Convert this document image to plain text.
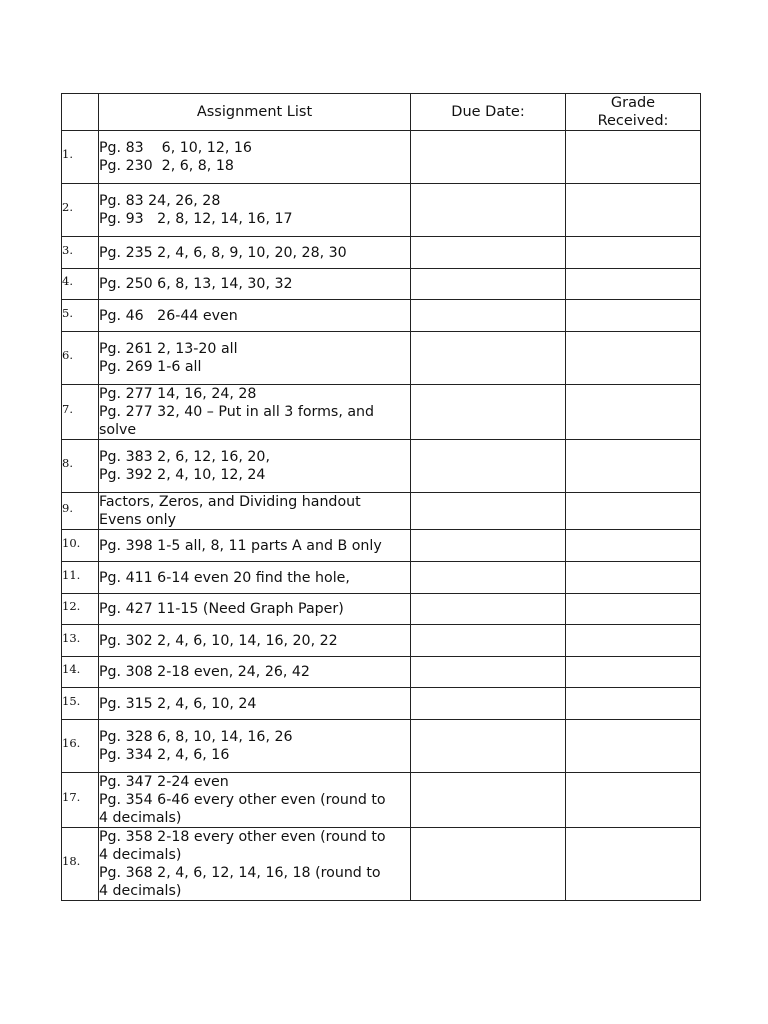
	Assignment List	Due Date:	Grade
Received:

1.	Pg. 83    6, 10, 12, 16
Pg. 230  2, 6, 8, 18		

2.	Pg. 83 24, 26, 28
Pg. 93   2, 8, 12, 14, 16, 17		

3.	Pg. 235 2, 4, 6, 8, 9, 10, 20, 28, 30		

4.	Pg. 250 6, 8, 13, 14, 30, 32		

5.	Pg. 46   26-44 even		

6.	Pg. 261 2, 13-20 all
Pg. 269 1-6 all		

7.	Pg. 277 14, 16, 24, 28
Pg. 277 32, 40 – Put in all 3 forms, and
solve		

8.	Pg. 383 2, 6, 12, 16, 20,
Pg. 392 2, 4, 10, 12, 24		

9.	Factors, Zeros, and Dividing handout
Evens only		

10.	Pg. 398 1-5 all, 8, 11 parts A and B only		

11.	Pg. 411 6-14 even 20 find the hole,		

12.	Pg. 427 11-15 (Need Graph Paper)		

13.	Pg. 302 2, 4, 6, 10, 14, 16, 20, 22		

14.	Pg. 308 2-18 even, 24, 26, 42		

15.	Pg. 315 2, 4, 6, 10, 24		

16.	Pg. 328 6, 8, 10, 14, 16, 26
Pg. 334 2, 4, 6, 16		

17.	Pg. 347 2-24 even
Pg. 354 6-46 every other even (round to
4 decimals)		

18.	Pg. 358 2-18 every other even (round to
4 decimals)
Pg. 368 2, 4, 6, 12, 14, 16, 18 (round to
4 decimals)		
